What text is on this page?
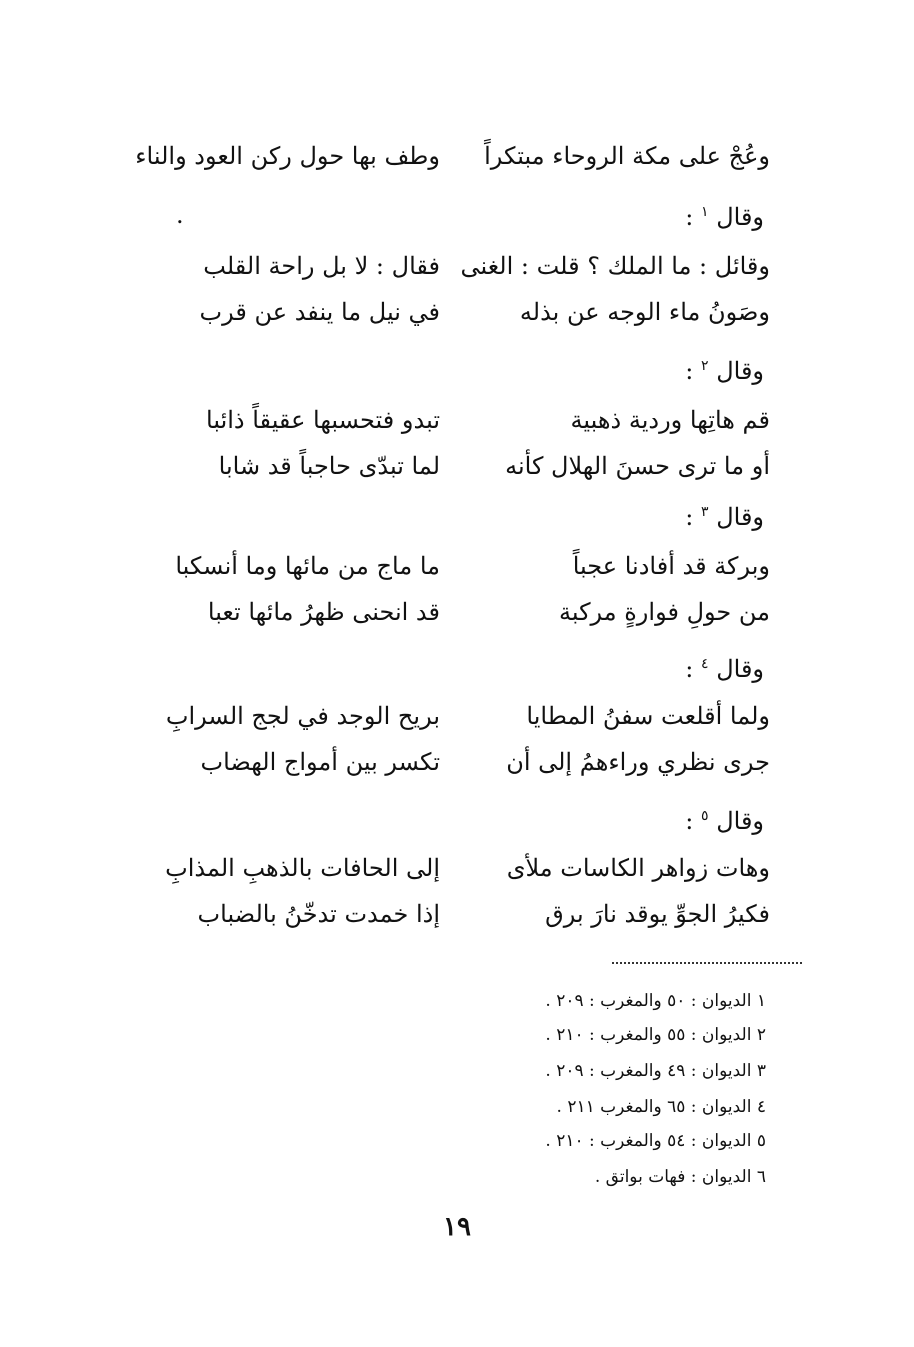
وعُجْ على مكة الروحاء مبتكراً
وطف بها حول ركن العود والناء
وقال $^١$ :
.
وقائل : ما الملك ؟ قلت : الغنى
فقال : لا بل راحة القلب
وصَونُ ماء الوجه عن بذله
في نيل ما ينفد عن قرب
وقال $^٢$ :
قم هاتِها وردية ذهبية
تبدو فتحسبها عقيقاً ذائبا
أو ما ترى حسنَ الهلال كأنه
لما تبدّى حاجباً قد شابا
وقال $^٣$ :
وبركة قد أفادنا عجباً
ما ماج من مائها وما أنسكبا
من حولِ فوارةٍ مركبة
قد انحنى ظهرُ مائها تعبا
وقال $^٤$ :
ولما أقلعت سفنُ المطايا
بريح الوجد في لجج السرابِ
جرى نظري وراءهمُ إلى أن
تكسر بين أمواج الهضاب
وقال $^٥$ :
وهات زواهر الكاسات ملأى
إلى الحافات بالذهبِ المذابِ
فكيرُ الجوِّ يوقد نارَ برق
إذا خمدت تدخّنُ بالضباب
١ الديوان : ٥٠ والمغرب : ٢٠٩ .
٢ الديوان : ٥٥ والمغرب : ٢١٠ .
٣ الديوان : ٤٩ والمغرب : ٢٠٩ .
٤ الديوان : ٦٥ والمغرب ٢١١ .
٥ الديوان : ٥٤ والمغرب : ٢١٠ .
٦ الديوان : فهات بواتق .
١٩
